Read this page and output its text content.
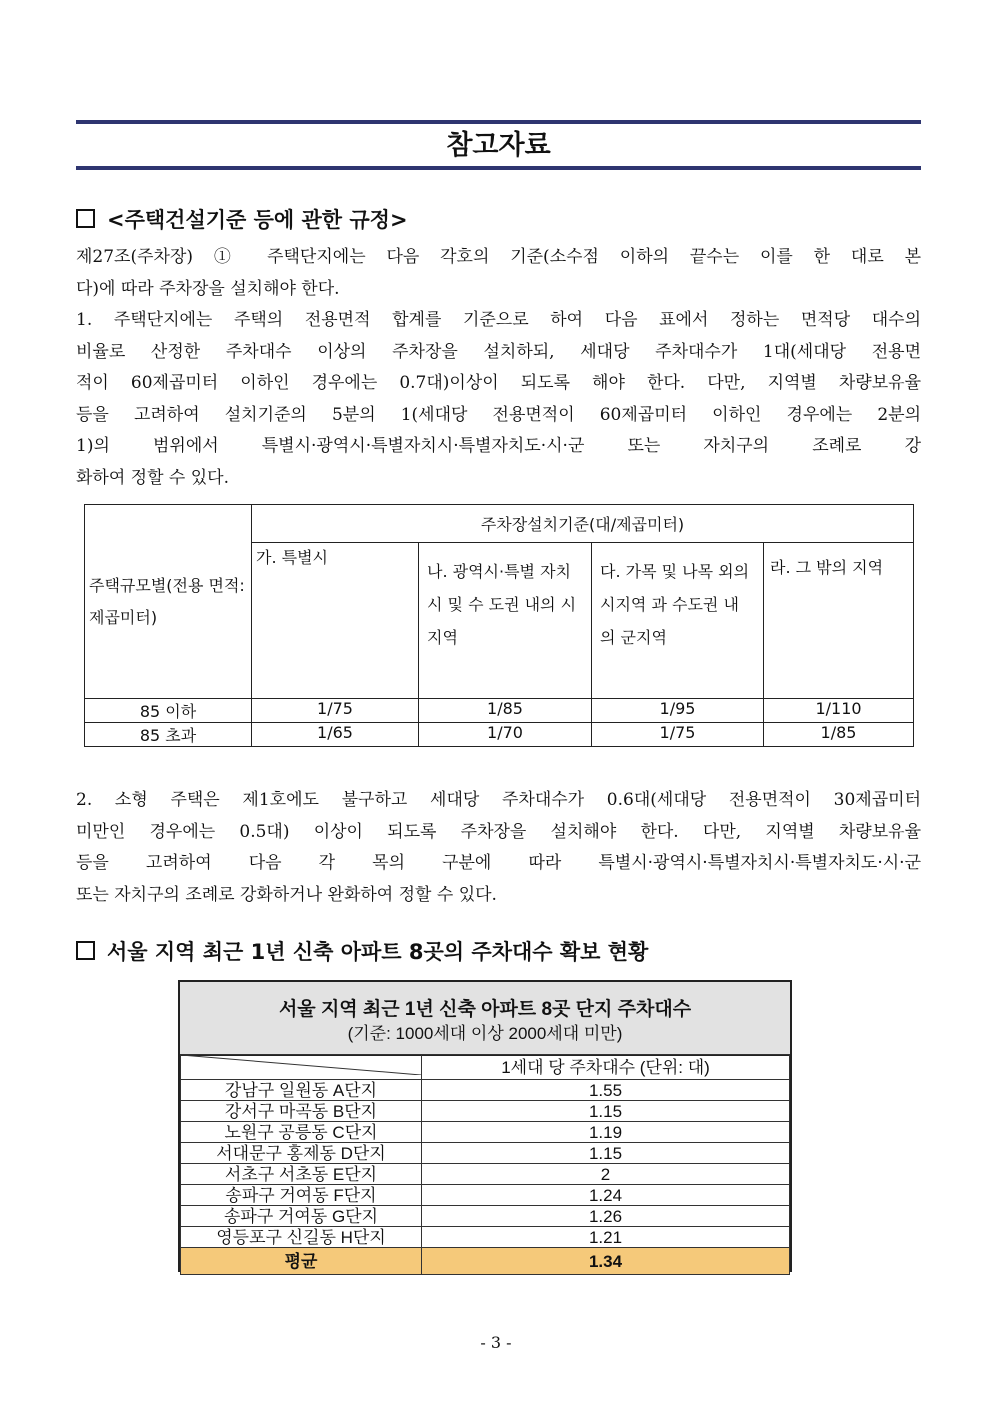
참고자료
<주택건설기준 등에 관한 규정>

제27조(주차장) ① 주택단지에는 다음 각호의 기준(소수점 이하의 끝수는 이를 한 대로 본

다)에 따라 주차장을 설치해야 한다.

1. 주택단지에는 주택의 전용면적 합계를 기준으로 하여 다음 표에서 정하는 면적당 대수의

비율로 산정한 주차대수 이상의 주차장을 설치하되, 세대당 주차대수가 1대(세대당 전용면

적이 60제곱미터 이하인 경우에는 0.7대)이상이 되도록 해야 한다. 다만, 지역별 차량보유율

등을 고려하여 설치기준의 5분의 1(세대당 전용면적이 60제곱미터 이하인 경우에는 2분의

1)의 범위에서 특별시·광역시·특별자치시·특별자치도·시·군 또는 자치구의 조례로 강

화하여 정할 수 있다.

주택규모별(전용 면적: 제곱미터)	주차장설치기준(대/제곱미터)			
	가. 특별시	나. 광역시·특별 자치시 및 수 도권 내의 시 지역	다. 가목 및 나목 외의 시지역 과 수도권 내 의 군지역	라. 그 밖의 지역
85 이하	1/75	1/85	1/95	1/110
85 초과	1/65	1/70	1/75	1/85

2. 소형 주택은 제1호에도 불구하고 세대당 주차대수가 0.6대(세대당 전용면적이 30제곱미터

미만인 경우에는 0.5대) 이상이 되도록 주차장을 설치해야 한다. 다만, 지역별 차량보유율

등을 고려하여 다음 각 목의 구분에 따라 특별시·광역시·특별자치시·특별자치도·시·군

또는 자치구의 조례로 강화하거나 완화하여 정할 수 있다.

서울 지역 최근 1년 신축 아파트 8곳의 주차대수 확보 현황
서울 지역 최근 1년 신축 아파트 8곳 단지 주차대수
(기준: 1000세대 이상 2000세대 미만)
	1세대 당 주차대수 (단위: 대)
강남구 일원동 A단지	1.55
강서구 마곡동 B단지	1.15
노원구 공릉동 C단지	1.19
서대문구 홍제동 D단지	1.15
서초구 서초동 E단지	2
송파구 거여동 F단지	1.24
송파구 거여동 G단지	1.26
영등포구 신길동 H단지	1.21
평균	1.34
- 3 -
